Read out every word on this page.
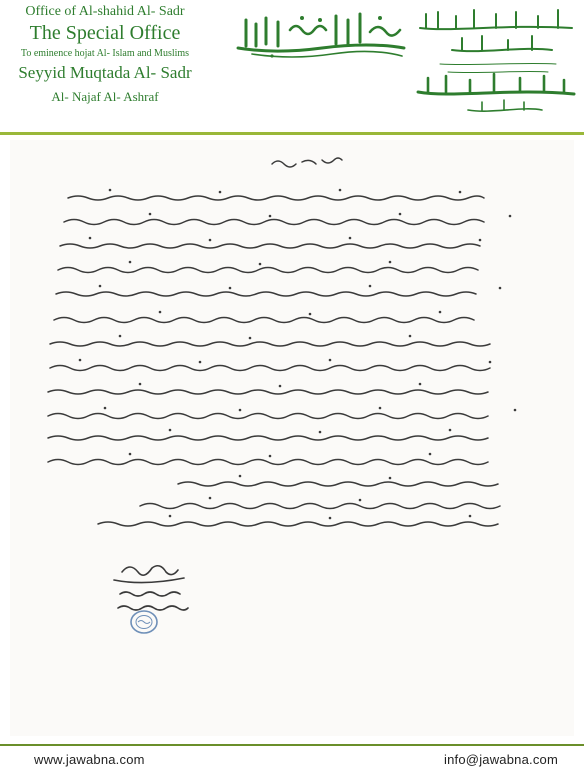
Office of Al-shahid Al- Sadr
The Special Office
To eminence hojat Al- Islam and Muslims
Seyyid Muqtada Al- Sadr
Al- Najaf Al- Ashraf
www.jawabna.com	info@jawabna.com
